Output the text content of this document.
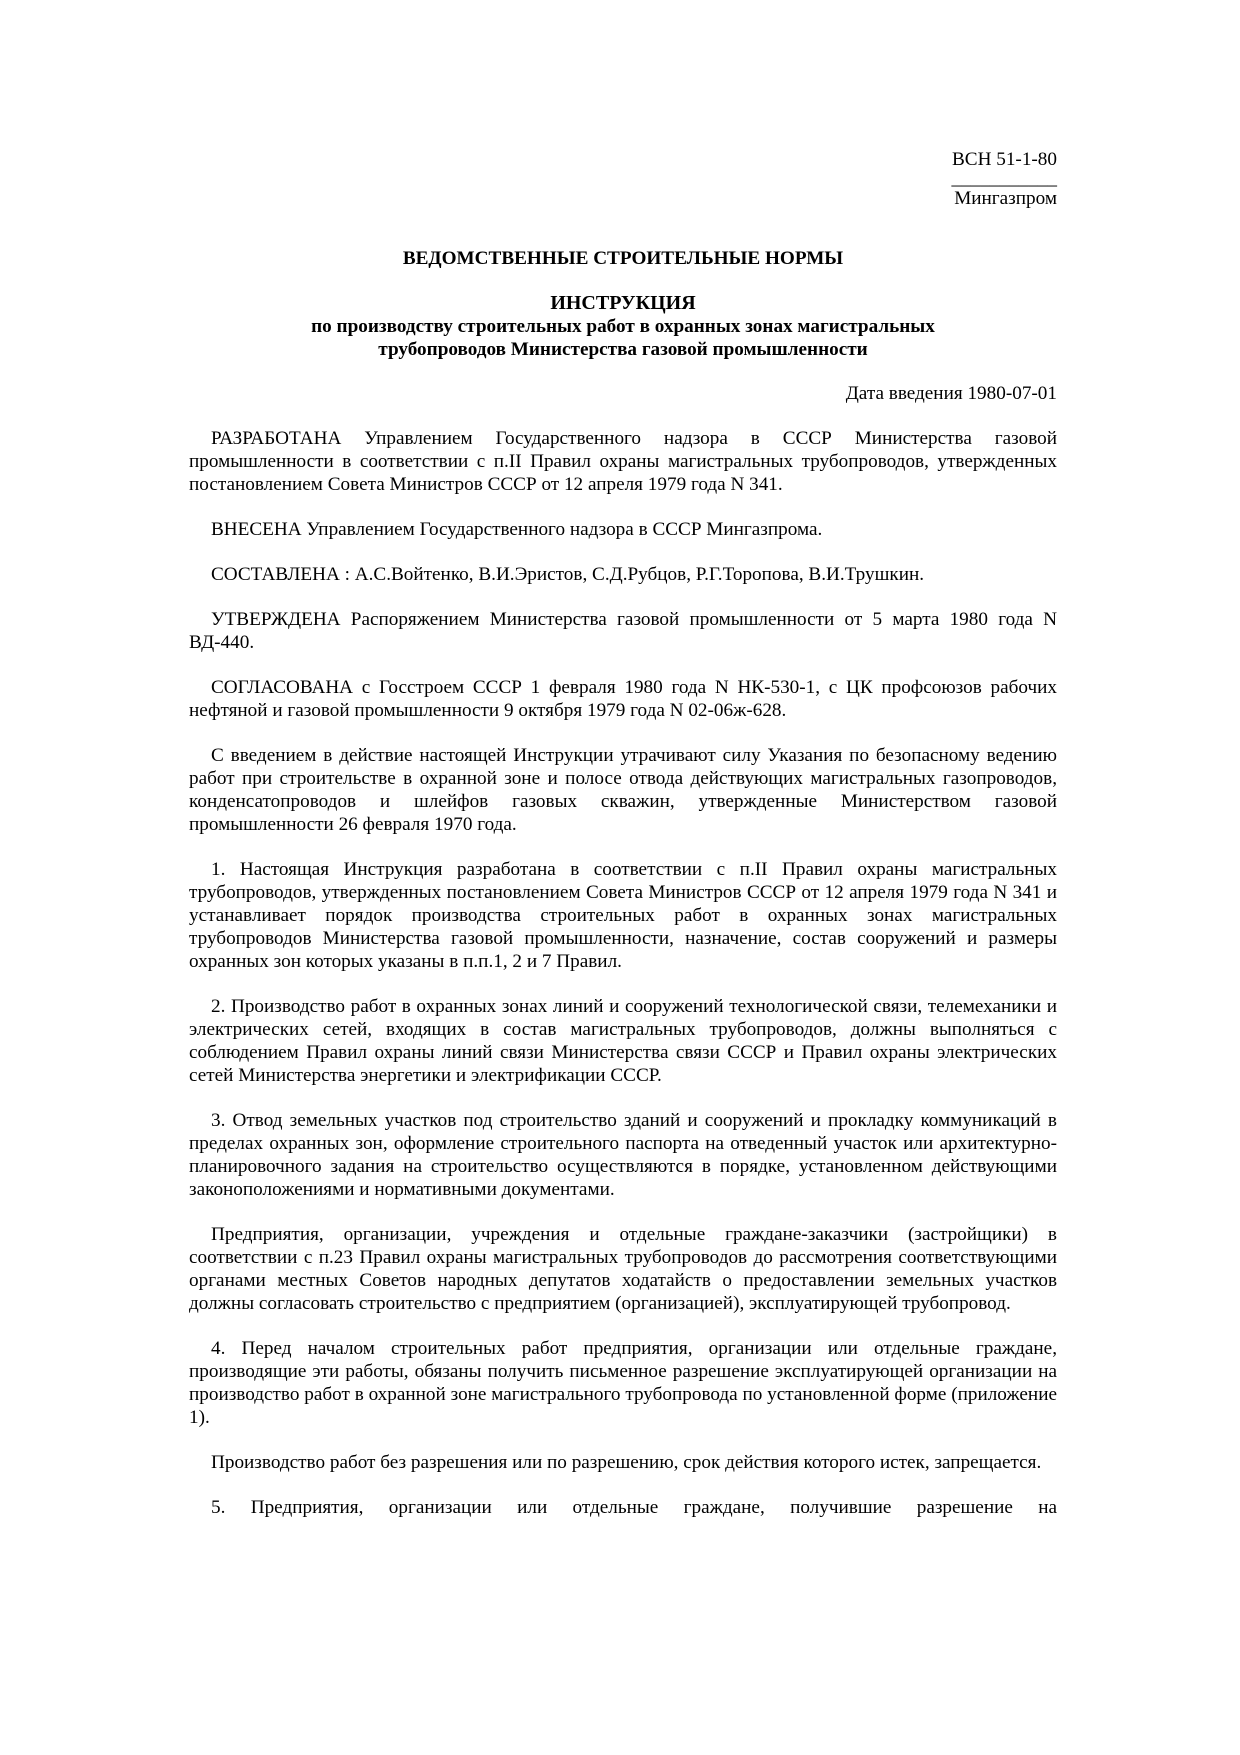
ВСН 51-1-80
___________
Мингазпром
ВЕДОМСТВЕННЫЕ СТРОИТЕЛЬНЫЕ НОРМЫ
ИНСТРУКЦИЯ
по производству строительных работ в охранных зонах магистральных
трубопроводов Министерства газовой промышленности
Дата введения 1980-07-01

РАЗРАБОТАНА Управлением Государственного надзора в СССР Министерства газовой промышленности в соответствии с п.II Правил охраны магистральных трубопроводов, утвержденных постановлением Совета Министров СССР от 12 апреля 1979 года N 341.

ВНЕСЕНА Управлением Государственного надзора в СССР Мингазпрома.

СОСТАВЛЕНА : А.С.Войтенко, В.И.Эристов, С.Д.Рубцов, Р.Г.Торопова, В.И.Трушкин.

УТВЕРЖДЕНА Распоряжением Министерства газовой промышленности от 5 марта 1980 года N ВД-440.

СОГЛАСОВАНА с Госстроем СССР 1 февраля 1980 года N НК-530-1, с ЦК профсоюзов рабочих нефтяной и газовой промышленности 9 октября 1979 года N 02-06ж-628.

С введением в действие настоящей Инструкции утрачивают силу Указания по безопасному ведению работ при строительстве в охранной зоне и полосе отвода действующих магистральных газопроводов, конденсатопроводов и шлейфов газовых скважин, утвержденные Министерством газовой промышленности 26 февраля 1970 года.

1. Настоящая Инструкция разработана в соответствии с п.II Правил охраны магистральных трубопроводов, утвержденных постановлением Совета Министров СССР от 12 апреля 1979 года N 341 и устанавливает порядок производства строительных работ в охранных зонах магистральных трубопроводов Министерства газовой промышленности, назначение, состав сооружений и размеры охранных зон которых указаны в п.п.1, 2 и 7 Правил.

2. Производство работ в охранных зонах линий и сооружений технологической связи, телемеханики и электрических сетей, входящих в состав магистральных трубопроводов, должны выполняться с соблюдением Правил охраны линий связи Министерства связи СССР и Правил охраны электрических сетей Министерства энергетики и электрификации СССР.

3. Отвод земельных участков под строительство зданий и сооружений и прокладку коммуникаций в пределах охранных зон, оформление строительного паспорта на отведенный участок или архитектурно-планировочного задания на строительство осуществляются в порядке, установленном действующими законоположениями и нормативными документами.

Предприятия, организации, учреждения и отдельные граждане-заказчики (застройщики) в соответствии с п.23 Правил охраны магистральных трубопроводов до рассмотрения соответствующими органами местных Советов народных депутатов ходатайств о предоставлении земельных участков должны согласовать строительство с предприятием (организацией), эксплуатирующей трубопровод.

4. Перед началом строительных работ предприятия, организации или отдельные граждане, производящие эти работы, обязаны получить письменное разрешение эксплуатирующей организации на производство работ в охранной зоне магистрального трубопровода по установленной форме (приложение 1).

Производство работ без разрешения или по разрешению, срок действия которого истек, запрещается.

5. Предприятия, организации или отдельные граждане, получившие разрешение на
